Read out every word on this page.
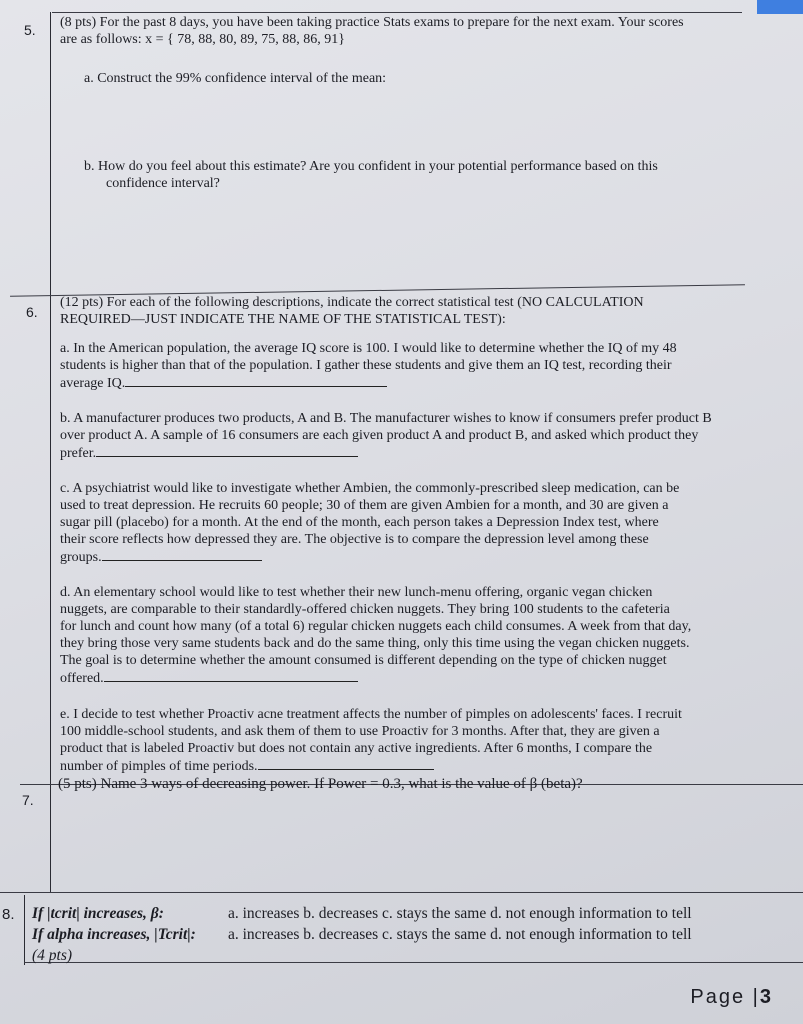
5. (8 pts) For the past 8 days, you have been taking practice Stats exams to prepare for the next exam. Your scores
are as follows: x = { 78, 88, 80, 89, 75, 88, 86, 91}
a. Construct the 99% confidence interval of the mean:
b. How do you feel about this estimate? Are you confident in your potential performance based on this
confidence interval?
6.
(12 pts) For each of the following descriptions, indicate the correct statistical test (NO CALCULATION
REQUIRED—JUST INDICATE THE NAME OF THE STATISTICAL TEST):
a. In the American population, the average IQ score is 100. I would like to determine whether the IQ of my 48
students is higher than that of the population. I gather these students and give them an IQ test, recording their
average IQ.
b. A manufacturer produces two products, A and B. The manufacturer wishes to know if consumers prefer product B
over product A. A sample of 16 consumers are each given product A and product B, and asked which product they
prefer.
c. A psychiatrist would like to investigate whether Ambien, the commonly-prescribed sleep medication, can be
used to treat depression. He recruits 60 people; 30 of them are given Ambien for a month, and 30 are given a
sugar pill (placebo) for a month. At the end of the month, each person takes a Depression Index test, where
their score reflects how depressed they are. The objective is to compare the depression level among these
groups.
d. An elementary school would like to test whether their new lunch-menu offering, organic vegan chicken
nuggets, are comparable to their standardly-offered chicken nuggets. They bring 100 students to the cafeteria
for lunch and count how many (of a total 6) regular chicken nuggets each child consumes. A week from that day,
they bring those very same students back and do the same thing, only this time using the vegan chicken nuggets.
The goal is to determine whether the amount consumed is different depending on the type of chicken nugget
offered.
e. I decide to test whether Proactiv acne treatment affects the number of pimples on adolescents' faces. I recruit
100 middle-school students, and ask them of them to use Proactiv for 3 months. After that, they are given a
product that is labeled Proactiv but does not contain any active ingredients. After 6 months, I compare the
number of pimples of time periods.
7.
(5 pts) Name 3 ways of decreasing power. If Power = 0.3, what is the value of β (beta)?
8. If |tcrit| increases, β:	a. increases b. decreases c. stays the same d. not enough information to tell
If alpha increases, |Tcrit|: a. increases b. decreases c. stays the same d. not enough information to tell
(4 pts)
Page |3
